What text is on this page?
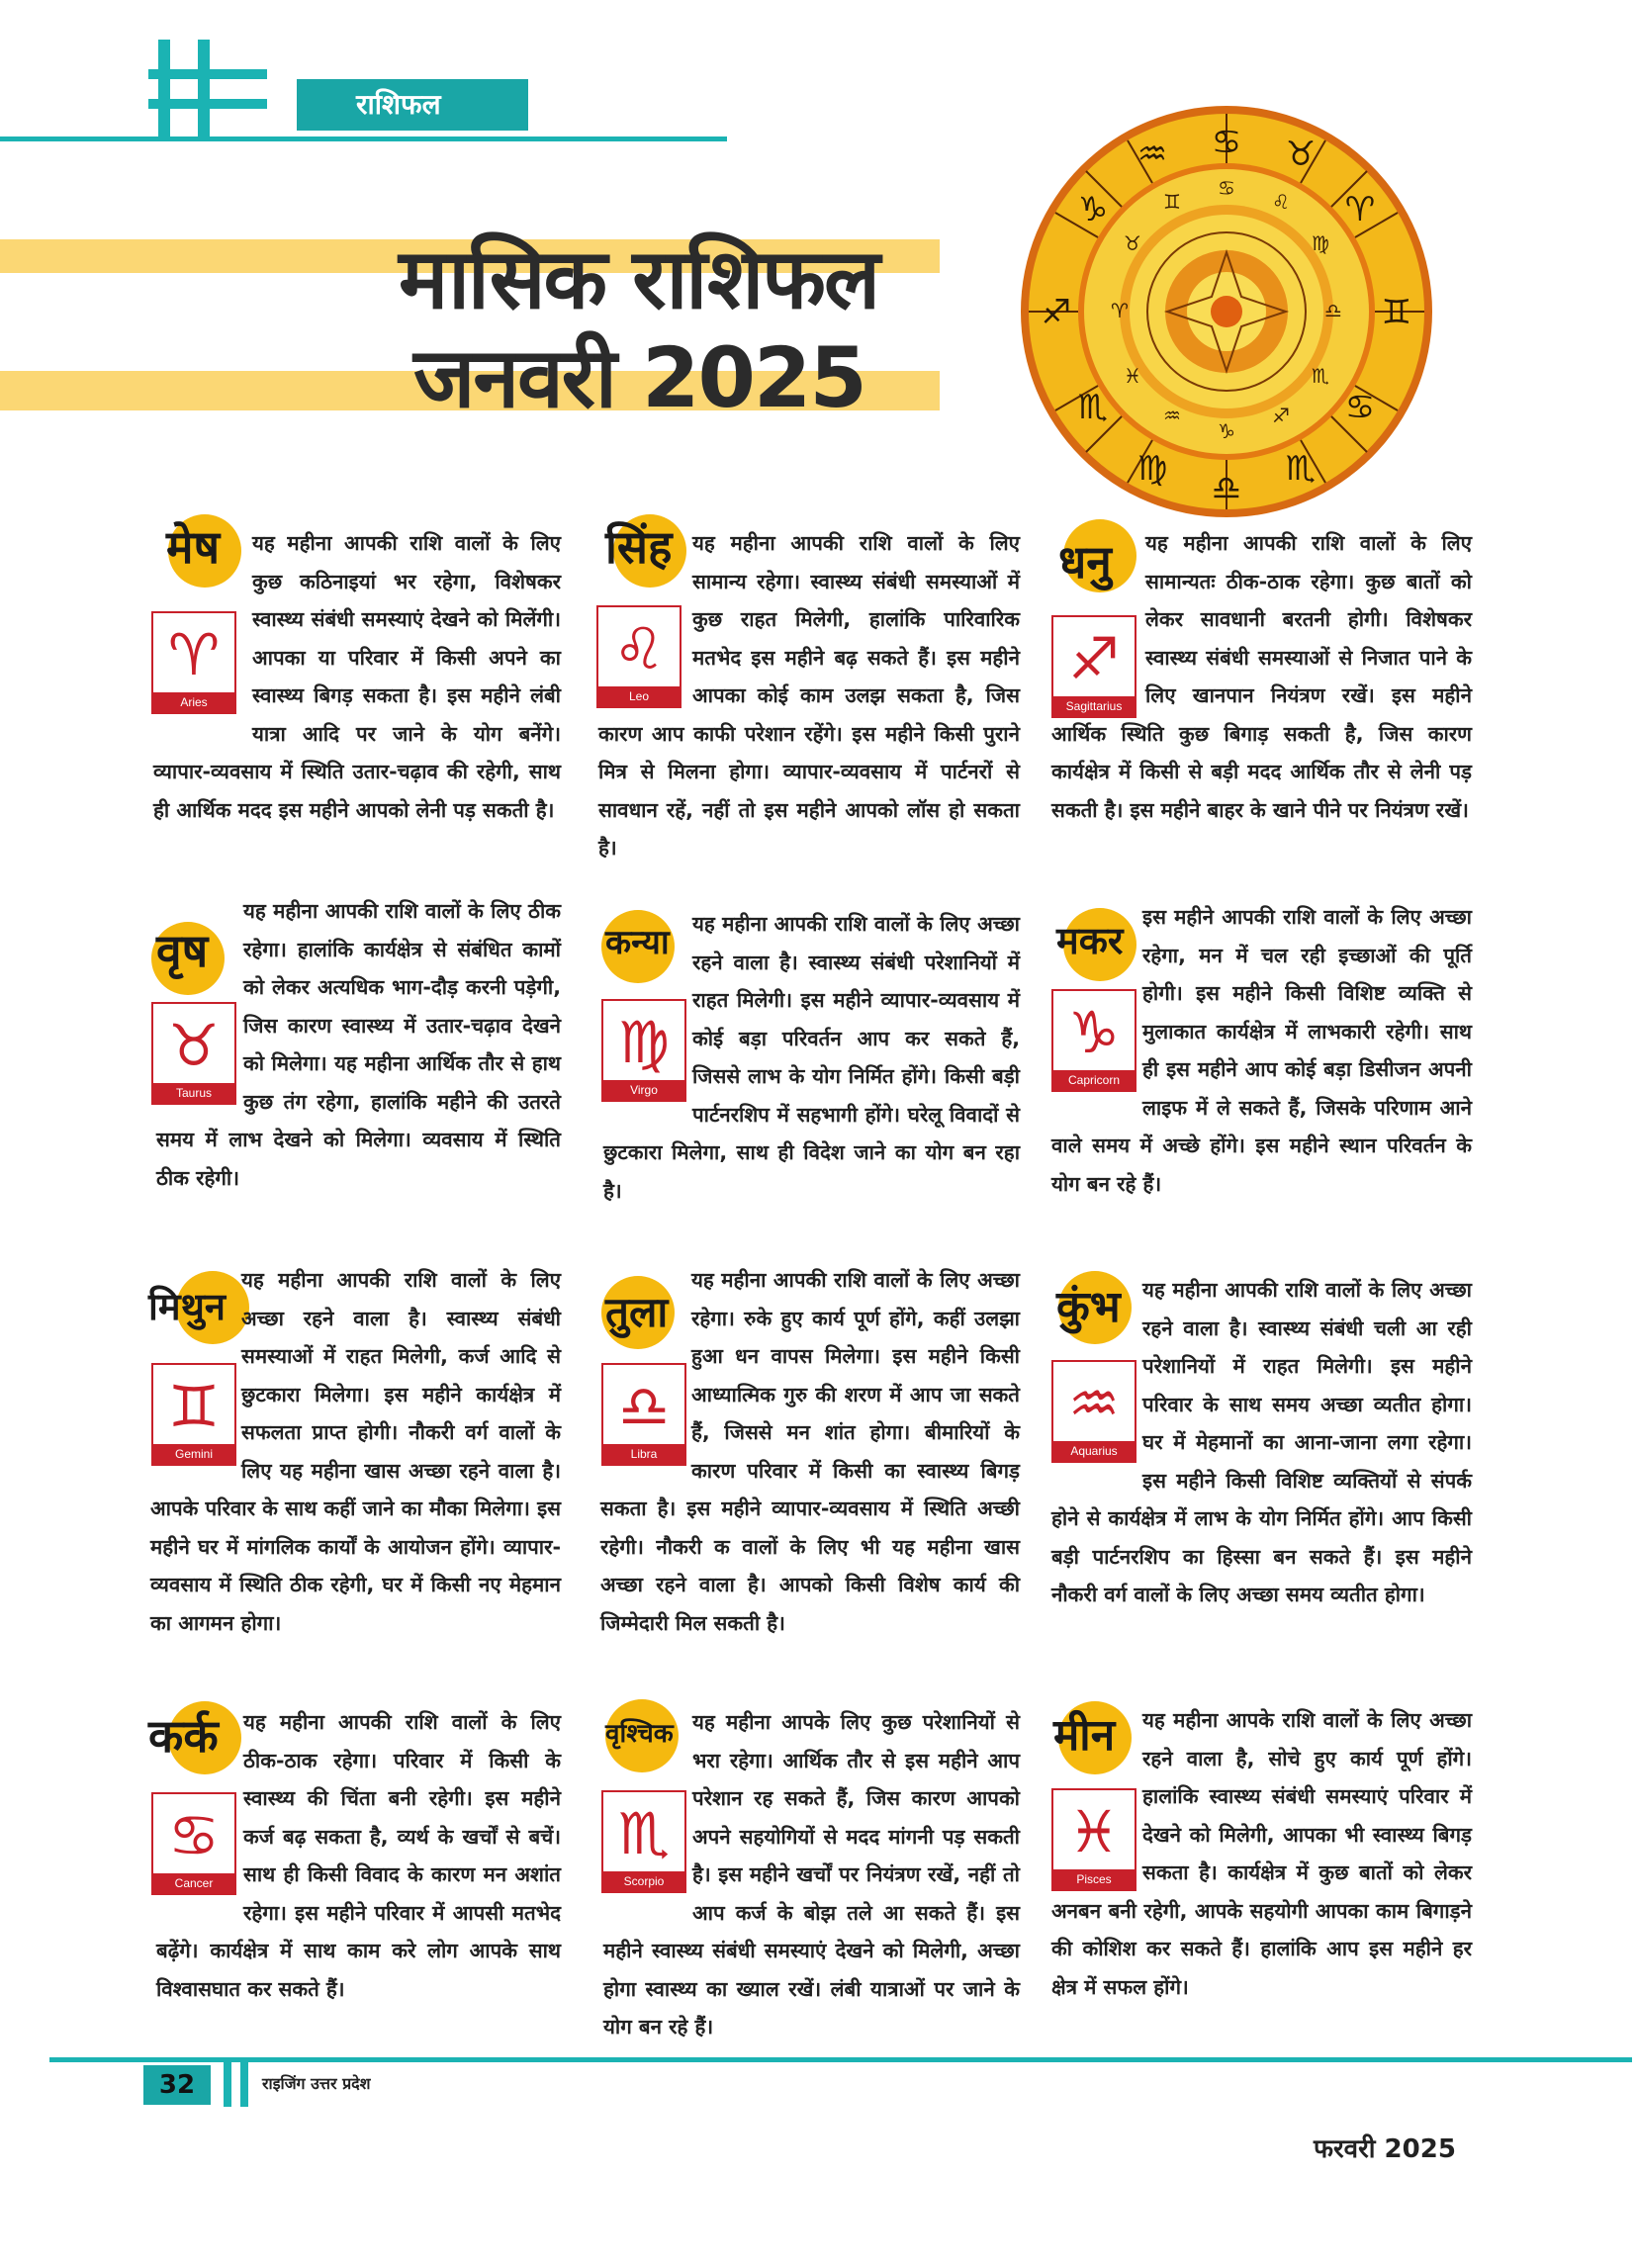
राशिफल
मासिक राशिफल
जनवरी 2025
♋ ♉
♈
♊
♋
♏
♎
♍
♏
♐
♑
♒
♋
♌
♍
♎
♏
♐
♑
♒
♓
♈
♉
♊
मेष
♈
Aries

यह महीना आपकी राशि वालों के लिए कुछ कठिनाइयां भर रहेगा, विशेषकर स्वास्थ्य संबंधी समस्याएं देखने को मिलेंगी। आपका या परिवार में किसी अपने का स्वास्थ्य बिगड़ सकता है। इस महीने लंबी यात्रा आदि पर जाने के योग बनेंगे। व्यापार-व्यवसाय में स्थिति उतार-चढ़ाव की रहेगी, साथ ही आर्थिक मदद इस महीने आपको लेनी पड़ सकती है।

वृष
♉
Taurus

यह महीना आपकी राशि वालों के लिए ठीक रहेगा। हालांकि कार्यक्षेत्र से संबंधित कामों को लेकर अत्यधिक भाग-दौड़ करनी पड़ेगी, जिस कारण स्वास्थ्य में उतार-चढ़ाव देखने को मिलेगा। यह महीना आर्थिक तौर से हाथ कुछ तंग रहेगा, हालांकि महीने की उतरते समय में लाभ देखने को मिलेगा। व्यवसाय में स्थिति ठीक रहेगी।

मिथुन
♊
Gemini

यह महीना आपकी राशि वालों के लिए अच्छा रहने वाला है। स्वास्थ्य संबंधी समस्याओं में राहत मिलेगी, कर्ज आदि से छुटकारा मिलेगा। इस महीने कार्यक्षेत्र में सफलता प्राप्त होगी। नौकरी वर्ग वालों के लिए यह महीना खास अच्छा रहने वाला है। आपके परिवार के साथ कहीं जाने का मौका मिलेगा। इस महीने घर में मांगलिक कार्यों के आयोजन होंगे। व्यापार-व्यवसाय में स्थिति ठीक रहेगी, घर में किसी नए मेहमान का आगमन होगा।

कर्क
♋
Cancer

यह महीना आपकी राशि वालों के लिए ठीक-ठाक रहेगा। परिवार में किसी के स्वास्थ्य की चिंता बनी रहेगी। इस महीने कर्ज बढ़ सकता है, व्यर्थ के खर्चों से बचें। साथ ही किसी विवाद के कारण मन अशांत रहेगा। इस महीने परिवार में आपसी मतभेद बढ़ेंगे। कार्यक्षेत्र में साथ काम करे लोग आपके साथ विश्वासघात कर सकते हैं।

सिंह
♌
Leo

यह महीना आपकी राशि वालों के लिए सामान्य रहेगा। स्वास्थ्य संबंधी समस्याओं में कुछ राहत मिलेगी, हालांकि पारिवारिक मतभेद इस महीने बढ़ सकते हैं। इस महीने आपका कोई काम उलझ सकता है, जिस कारण आप काफी परेशान रहेंगे। इस महीने किसी पुराने मित्र से मिलना होगा। व्यापार-व्यवसाय में पार्टनरों से सावधान रहें, नहीं तो इस महीने आपको लॉस हो सकता है।

कन्या
♍
Virgo

यह महीना आपकी राशि वालों के लिए अच्छा रहने वाला है। स्वास्थ्य संबंधी परेशानियों में राहत मिलेगी। इस महीने व्यापार-व्यवसाय में कोई बड़ा परिवर्तन आप कर सकते हैं, जिससे लाभ के योग निर्मित होंगे। किसी बड़ी पार्टनरशिप में सहभागी होंगे। घरेलू विवादों से छुटकारा मिलेगा, साथ ही विदेश जाने का योग बन रहा है।

तुला
♎
Libra

यह महीना आपकी राशि वालों के लिए अच्छा रहेगा। रुके हुए कार्य पूर्ण होंगे, कहीं उलझा हुआ धन वापस मिलेगा। इस महीने किसी आध्यात्मिक गुरु की शरण में आप जा सकते हैं, जिससे मन शांत होगा। बीमारियों के कारण परिवार में किसी का स्वास्थ्य बिगड़ सकता है। इस महीने व्यापार-व्यवसाय में स्थिति अच्छी रहेगी। नौकरी क वालों के लिए भी यह महीना खास अच्छा रहने वाला है। आपको किसी विशेष कार्य की जिम्मेदारी मिल सकती है।

वृश्चिक
♏
Scorpio

यह महीना आपके लिए कुछ परेशानियों से भरा रहेगा। आर्थिक तौर से इस महीने आप परेशान रह सकते हैं, जिस कारण आपको अपने सहयोगियों से मदद मांगनी पड़ सकती है। इस महीने खर्चों पर नियंत्रण रखें, नहीं तो आप कर्ज के बोझ तले आ सकते हैं। इस महीने स्वास्थ्य संबंधी समस्याएं देखने को मिलेगी, अच्छा होगा स्वास्थ्य का ख्याल रखें। लंबी यात्राओं पर जाने के योग बन रहे हैं।

धनु
♐
Sagittarius

यह महीना आपकी राशि वालों के लिए सामान्यतः ठीक-ठाक रहेगा। कुछ बातों को लेकर सावधानी बरतनी होगी। विशेषकर स्वास्थ्य संबंधी समस्याओं से निजात पाने के लिए खानपान नियंत्रण रखें। इस महीने आर्थिक स्थिति कुछ बिगाड़ सकती है, जिस कारण कार्यक्षेत्र में किसी से बड़ी मदद आर्थिक तौर से लेनी पड़ सकती है। इस महीने बाहर के खाने पीने पर नियंत्रण रखें।

मकर
♑
Capricorn

इस महीने आपकी राशि वालों के लिए अच्छा रहेगा, मन में चल रही इच्छाओं की पूर्ति होगी। इस महीने किसी विशिष्ट व्यक्ति से मुलाकात कार्यक्षेत्र में लाभकारी रहेगी। साथ ही इस महीने आप कोई बड़ा डिसीजन अपनी लाइफ में ले सकते हैं, जिसके परिणाम आने वाले समय में अच्छे होंगे। इस महीने स्थान परिवर्तन के योग बन रहे हैं।

कुंभ
♒
Aquarius

यह महीना आपकी राशि वालों के लिए अच्छा रहने वाला है। स्वास्थ्य संबंधी चली आ रही परेशानियों में राहत मिलेगी। इस महीने परिवार के साथ समय अच्छा व्यतीत होगा। घर में मेहमानों का आना-जाना लगा रहेगा। इस महीने किसी विशिष्ट व्यक्तियों से संपर्क होने से कार्यक्षेत्र में लाभ के योग निर्मित होंगे। आप किसी बड़ी पार्टनरशिप का हिस्सा बन सकते हैं। इस महीने नौकरी वर्ग वालों के लिए अच्छा समय व्यतीत होगा।

मीन
♓
Pisces

यह महीना आपके राशि वालों के लिए अच्छा रहने वाला है, सोचे हुए कार्य पूर्ण होंगे। हालांकि स्वास्थ्य संबंधी समस्याएं परिवार में देखने को मिलेगी, आपका भी स्वास्थ्य बिगड़ सकता है। कार्यक्षेत्र में कुछ बातों को लेकर अनबन बनी रहेगी, आपके सहयोगी आपका काम बिगाड़ने की कोशिश कर सकते हैं। हालांकि आप इस महीने हर क्षेत्र में सफल होंगे।

32	राइजिंग उत्तर प्रदेश
फरवरी 2025
